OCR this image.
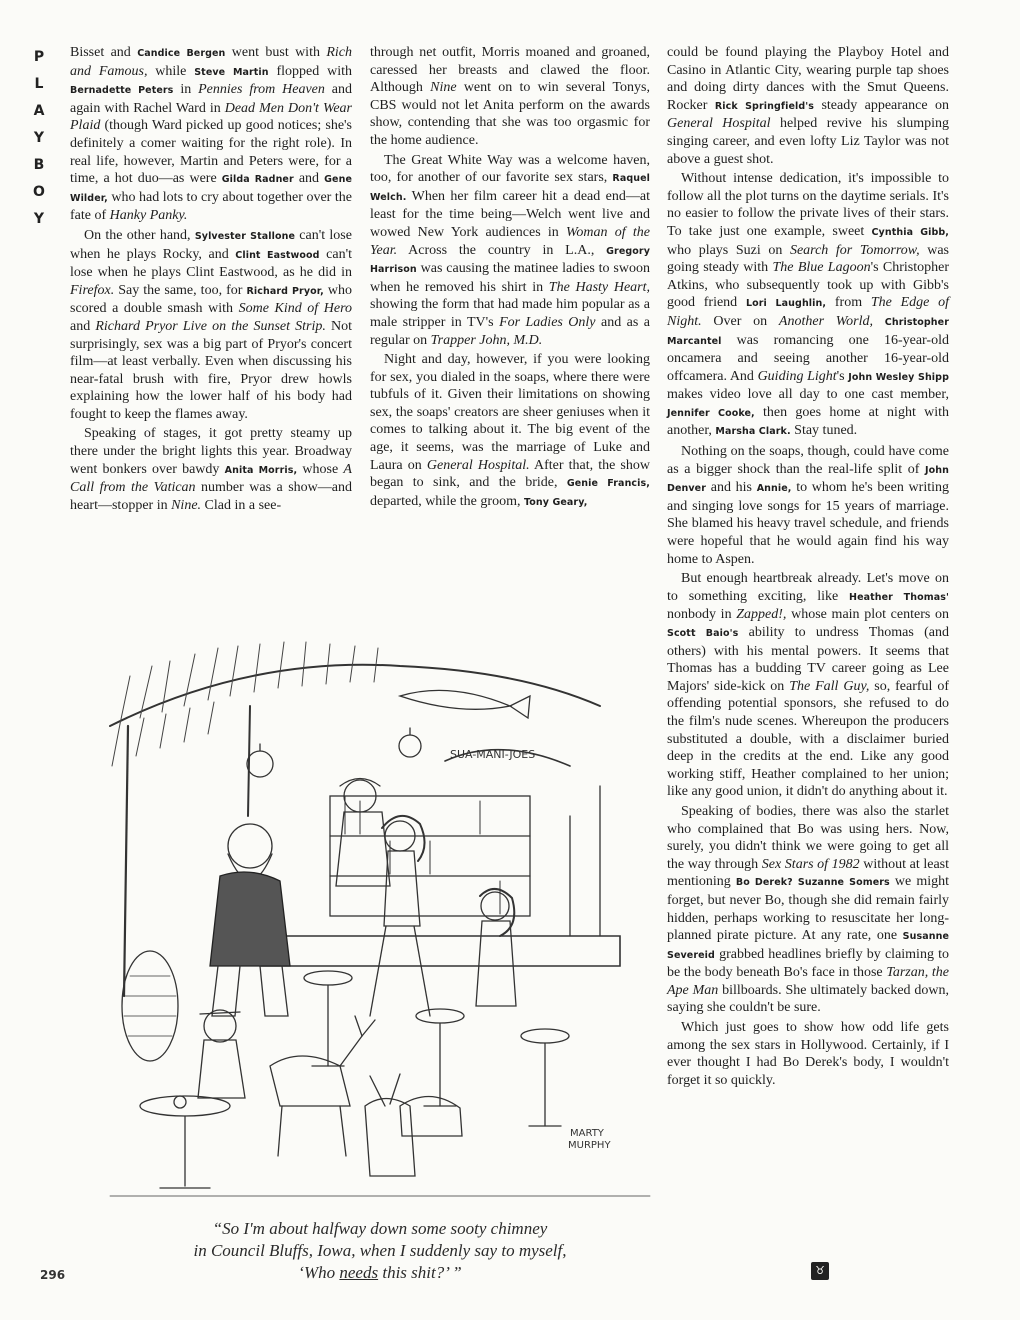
P
L
A
Y
B
O
Y

Bisset and Candice Bergen went bust with Rich and Famous, while Steve Martin flopped with Bernadette Peters in Pennies from Heaven and again with Rachel Ward in Dead Men Don't Wear Plaid (though Ward picked up good notices; she's definitely a comer waiting for the right role). In real life, however, Martin and Peters were, for a time, a hot duo—as were Gilda Radner and Gene Wilder, who had lots to cry about together over the fate of Hanky Panky.

On the other hand, Sylvester Stallone can't lose when he plays Rocky, and Clint Eastwood can't lose when he plays Clint Eastwood, as he did in Firefox. Say the same, too, for Richard Pryor, who scored a double smash with Some Kind of Hero and Richard Pryor Live on the Sunset Strip. Not surprisingly, sex was a big part of Pryor's concert film—at least verbally. Even when discussing his near-fatal brush with fire, Pryor drew howls explaining how the lower half of his body had fought to keep the flames away.

Speaking of stages, it got pretty steamy up there under the bright lights this year. Broadway went bonkers over bawdy Anita Morris, whose A Call from the Vatican number was a show—and heart—stopper in Nine. Clad in a see-

through net outfit, Morris moaned and groaned, caressed her breasts and clawed the floor. Although Nine went on to win several Tonys, CBS would not let Anita perform on the awards show, contending that she was too orgasmic for the home audience.

The Great White Way was a welcome haven, too, for another of our favorite sex stars, Raquel Welch. When her film career hit a dead end—at least for the time being—Welch went live and wowed New York audiences in Woman of the Year. Across the country in L.A., Gregory Harrison was causing the matinee ladies to swoon when he removed his shirt in The Hasty Heart, showing the form that had made him popular as a male stripper in TV's For Ladies Only and as a regular on Trapper John, M.D.

Night and day, however, if you were looking for sex, you dialed in the soaps, where there were tubfuls of it. Given their limitations on showing sex, the soaps' creators are sheer geniuses when it comes to talking about it. The big event of the age, it seems, was the marriage of Luke and Laura on General Hospital. After that, the show began to sink, and the bride, Genie Francis, departed, while the groom, Tony Geary,

could be found playing the Playboy Hotel and Casino in Atlantic City, wearing purple tap shoes and doing dirty dances with the Smut Queens. Rocker Rick Springfield's steady appearance on General Hospital helped revive his slumping singing career, and even lofty Liz Taylor was not above a guest shot.

Without intense dedication, it's impossible to follow all the plot turns on the daytime serials. It's no easier to follow the private lives of their stars. To take just one example, sweet Cynthia Gibb, who plays Suzi on Search for Tomorrow, was going steady with The Blue Lagoon's Christopher Atkins, who subsequently took up with Gibb's good friend Lori Laughlin, from The Edge of Night. Over on Another World, Christopher Marcantel was romancing one 16-year-old oncamera and seeing another 16-year-old offcamera. And Guiding Light's John Wesley Shipp makes video love all day to one cast member, Jennifer Cooke, then goes home at night with another, Marsha Clark. Stay tuned.

Nothing on the soaps, though, could have come as a bigger shock than the real-life split of John Denver and his Annie, to whom he's been writing and singing love songs for 15 years of marriage. She blamed his heavy travel schedule, and friends were hopeful that he would again find his way home to Aspen.

But enough heartbreak already. Let's move on to something exciting, like Heather Thomas' nonbody in Zapped!, whose main plot centers on Scott Baio's ability to undress Thomas (and others) with his mental powers. It seems that Thomas has a budding TV career going as Lee Majors' side-kick on The Fall Guy, so, fearful of offending potential sponsors, she refused to do the film's nude scenes. Whereupon the producers substituted a double, with a disclaimer buried deep in the credits at the end. Like any good working stiff, Heather complained to her union; like any good union, it didn't do anything about it.

Speaking of bodies, there was also the starlet who complained that Bo was using hers. Now, surely, you didn't think we were going to get all the way through Sex Stars of 1982 without at least mentioning Bo Derek? Suzanne Somers we might forget, but never Bo, though she did remain fairly hidden, perhaps working to resuscitate her long-planned pirate picture. At any rate, one Susanne Severeid grabbed headlines briefly by claiming to be the body beneath Bo's face in those Tarzan, the Ape Man billboards. She ultimately backed down, saying she couldn't be sure.

Which just goes to show how odd life gets among the sex stars in Hollywood. Certainly, if I ever thought I had Bo Derek's body, I wouldn't forget it so quickly.

SUA-MANI-JOES
MARTY
MURPHY
“So I'm about halfway down some sooty chimney
in Council Bluffs, Iowa, when I suddenly say to myself,
‘Who needs this shit?’ ”
296	♉
